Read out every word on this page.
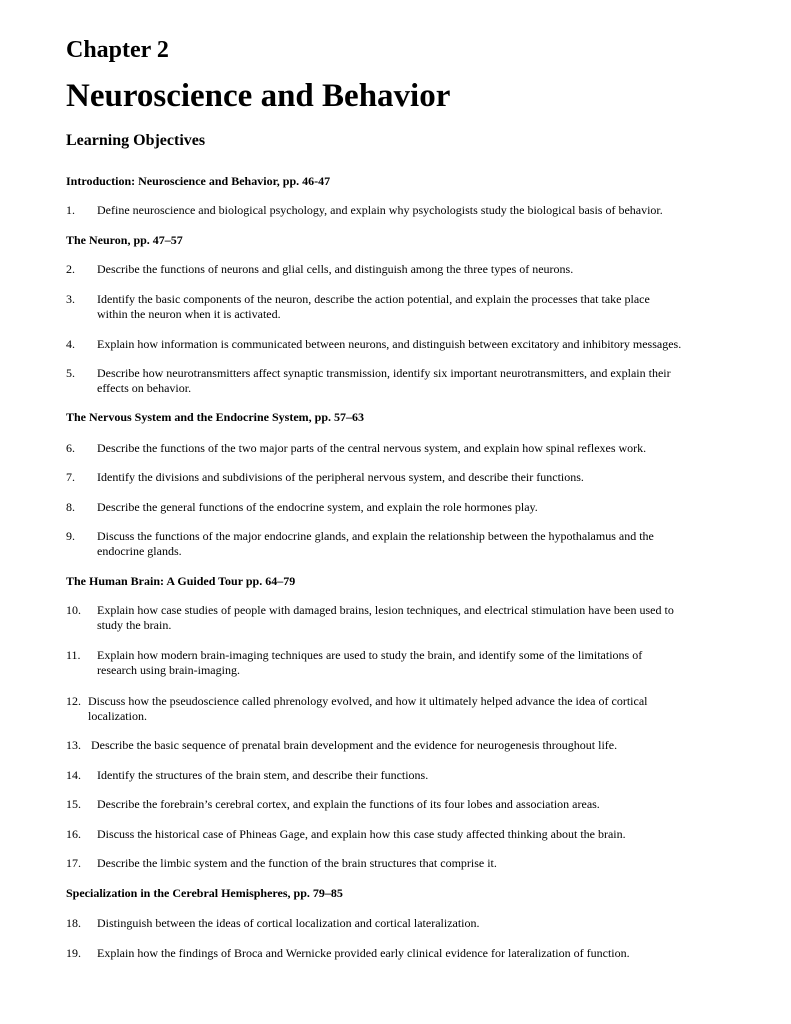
Chapter 2
Neuroscience and Behavior
Learning Objectives
Introduction: Neuroscience and Behavior, pp. 46-47
1. Define neuroscience and biological psychology, and explain why psychologists study the biological basis of behavior.
The Neuron, pp. 47–57
2. Describe the functions of neurons and glial cells, and distinguish among the three types of neurons.
3. Identify the basic components of the neuron, describe the action potential, and explain the processes that take place
within the neuron when it is activated.
4. Explain how information is communicated between neurons, and distinguish between excitatory and inhibitory messages.
5. Describe how neurotransmitters affect synaptic transmission, identify six important neurotransmitters, and explain their
effects on behavior.
The Nervous System and the Endocrine System, pp. 57–63
6. Describe the functions of the two major parts of the central nervous system, and explain how spinal reflexes work.
7. Identify the divisions and subdivisions of the peripheral nervous system, and describe their functions.
8. Describe the general functions of the endocrine system, and explain the role hormones play.
9. Discuss the functions of the major endocrine glands, and explain the relationship between the hypothalamus and the
endocrine glands.
The Human Brain: A Guided Tour pp. 64–79
10. Explain how case studies of people with damaged brains, lesion techniques, and electrical stimulation have been used to
study the brain.
11. Explain how modern brain-imaging techniques are used to study the brain, and identify some of the limitations of
research using brain-imaging.
12. Discuss how the pseudoscience called phrenology evolved, and how it ultimately helped advance the idea of cortical
localization.
13. Describe the basic sequence of prenatal brain development and the evidence for neurogenesis throughout life.
14. Identify the structures of the brain stem, and describe their functions.
15. Describe the forebrain’s cerebral cortex, and explain the functions of its four lobes and association areas.
16. Discuss the historical case of Phineas Gage, and explain how this case study affected thinking about the brain.
17. Describe the limbic system and the function of the brain structures that comprise it.
Specialization in the Cerebral Hemispheres, pp. 79–85
18. Distinguish between the ideas of cortical localization and cortical lateralization.
19. Explain how the findings of Broca and Wernicke provided early clinical evidence for lateralization of function.
